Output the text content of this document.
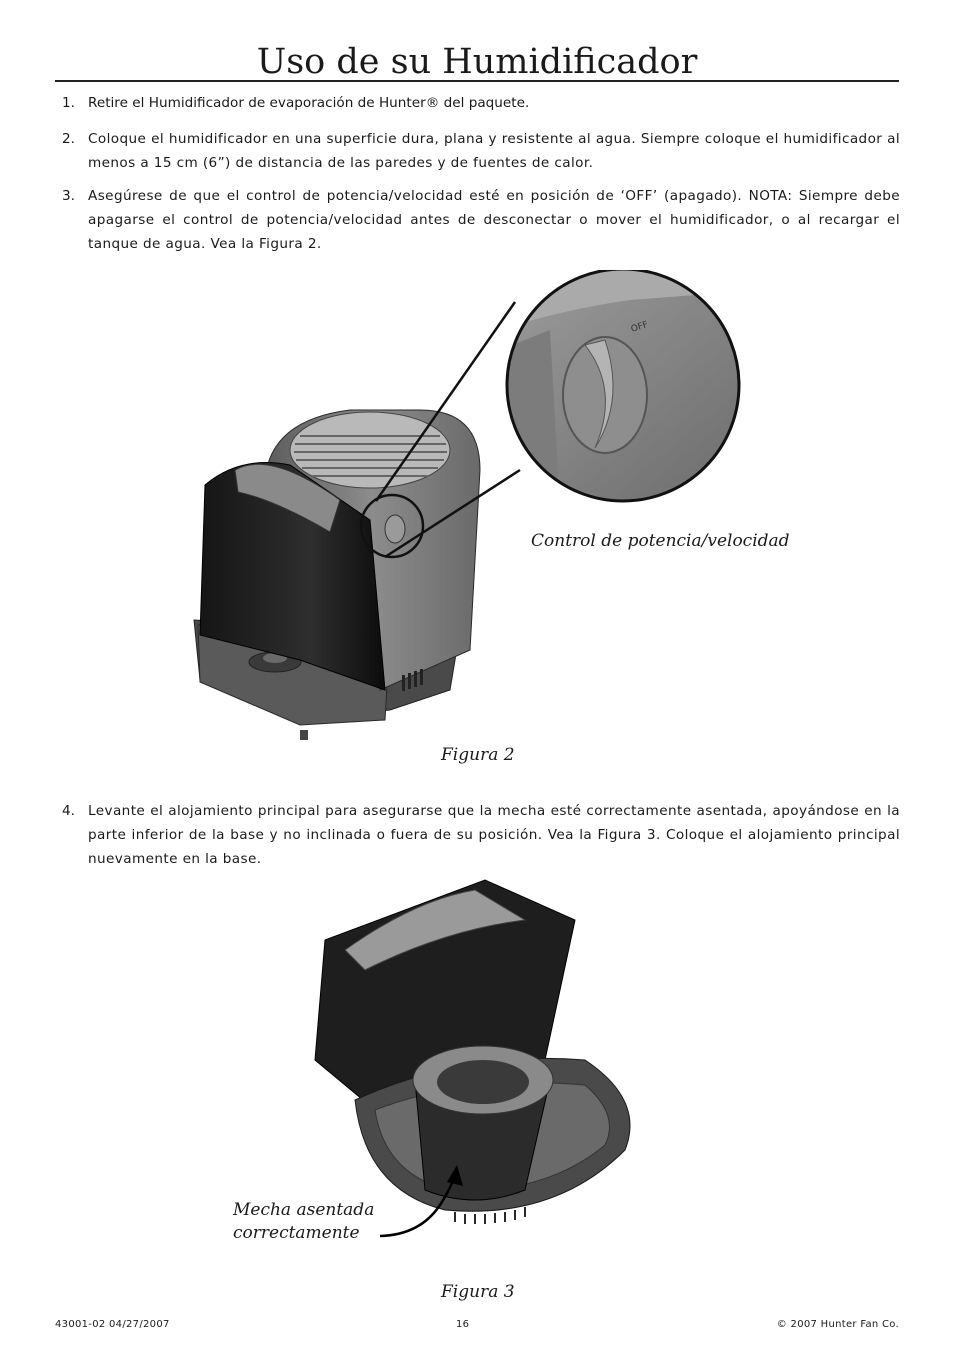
Uso de su Humidificador
1. Retire el Humidificador de evaporación de Hunter® del paquete.
2. Coloque el humidificador en una superficie dura, plana y resistente al agua. Siempre coloque el humidificador al menos a 15 cm (6”) de distancia de las paredes y de fuentes de calor.
3. Asegúrese de que el control de potencia/velocidad esté en posición de ‘OFF’ (apagado). NOTA: Siempre debe apagarse el control de potencia/velocidad antes de desconectar o mover el humidificador, o al recargar el tanque de agua. Vea la Figura 2.
OFF
Control de potencia/velocidad
Figura 2
4. Levante el alojamiento principal para asegurarse que la mecha esté correctamente asentada, apoyándose en la parte inferior de la base y no inclinada o fuera de su posición. Vea la Figura 3. Coloque el alojamiento principal nuevamente en la base.
Mecha asentada
correctamente
Figura 3
43001-02 04/27/2007	16	© 2007 Hunter Fan Co.
